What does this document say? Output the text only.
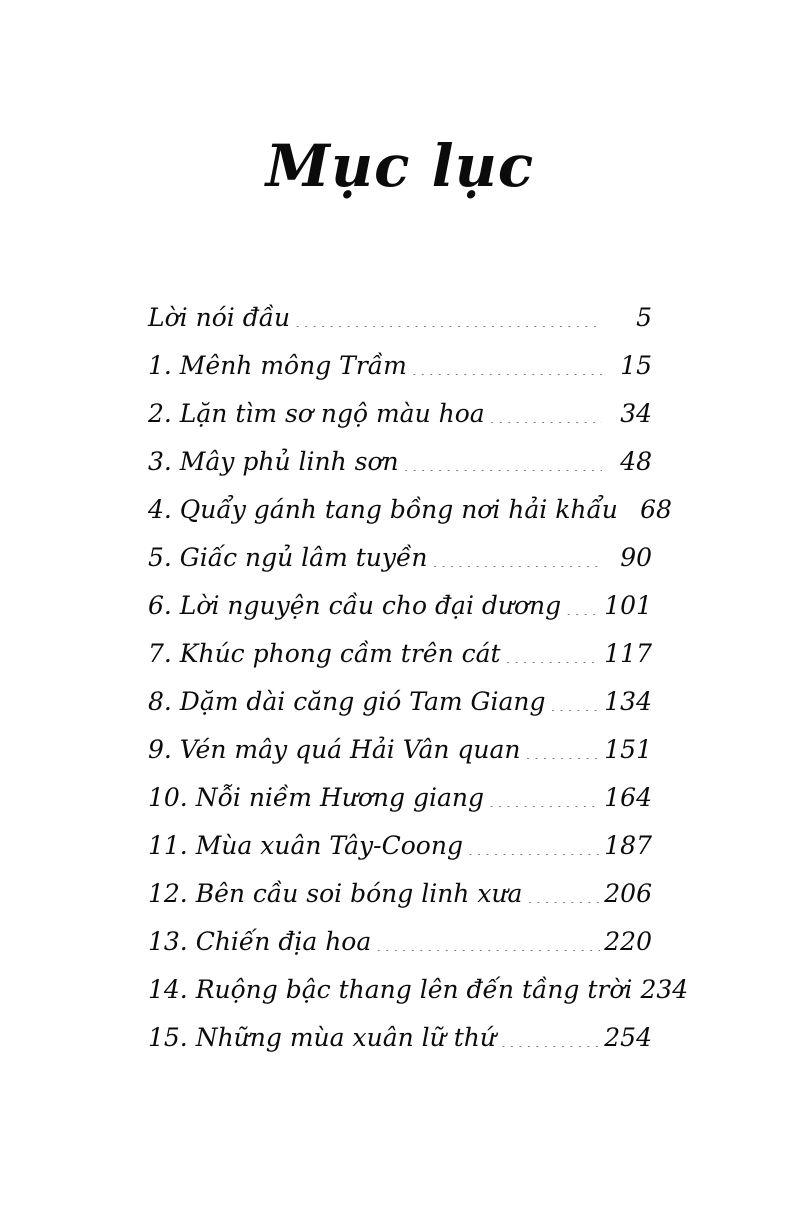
Mục lục
Lời nói đầu .....	5
1. Mênh mông Trầm .....	15
2. Lặn tìm sơ ngộ màu hoa .....	34
3. Mây phủ linh sơn .....	48
4. Quẩy gánh tang bồng nơi hải khẩu 68
5. Giấc ngủ lâm tuyền .....	90
6. Lời nguyện cầu cho đại dương ..... 101
7. Khúc phong cầm trên cát .....	117
8. Dặm dài căng gió Tam Giang ..... 134
9. Vén mây quá Hải Vân quan .....	151
10. Nỗi niềm Hương giang .....	164
11. Mùa xuân Tây-Coong .....	187
12. Bên cầu soi bóng linh xưa .....	206
13. Chiến địa hoa .....	220
14. Ruộng bậc thang lên đến tầng trời 234
15. Những mùa xuân lữ thứ .....	254
